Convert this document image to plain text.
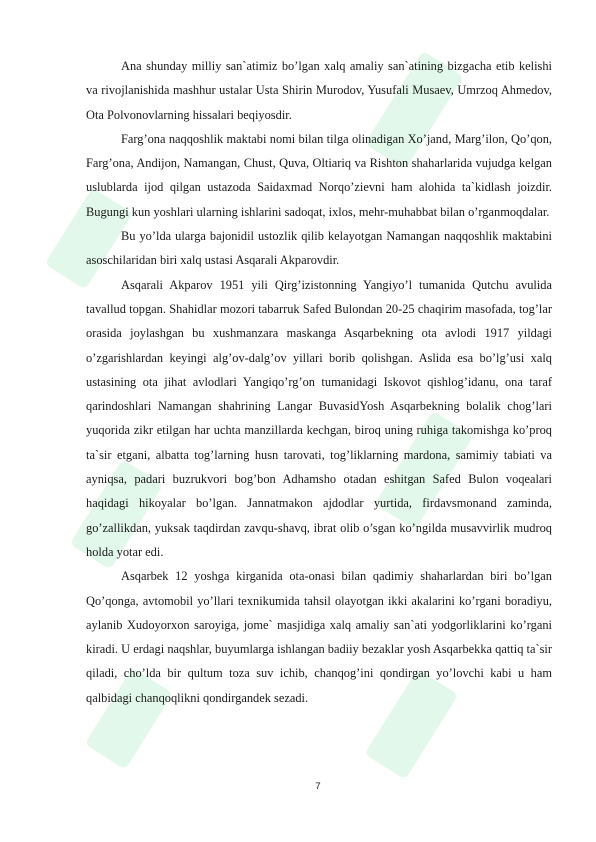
Ana shunday milliy san`atimiz bo’lgan xalq amaliy san`atining bizgacha etib kelishi va rivojlanishida mashhur ustalar Usta Shirin Murodov, Yusufali Musaev, Umrzoq Ahmedov, Ota Polvonovlarning hissalari beqiyosdir.

Farg’ona naqqoshlik maktabi nomi bilan tilga olinadigan Xo’jand, Marg’ilon, Qo’qon, Farg’ona, Andijon, Namangan, Chust, Quva, Oltiariq va Rishton shaharlarida vujudga kelgan uslublarda ijod qilgan ustazoda Saidaxmad Norqo’zievni ham alohida ta`kidlash joizdir. Bugungi kun yoshlari ularning ishlarini sadoqat, ixlos, mehr-muhabbat bilan o’rganmoqdalar.

Bu yo’lda ularga bajonidil ustozlik qilib kelayotgan Namangan naqqoshlik maktabini asoschilaridan biri xalq ustasi Asqarali Akparovdir.

Asqarali Akparov 1951 yili Qirg’izistonning Yangiyo’l tumanida Qutchu avulida tavallud topgan. Shahidlar mozori tabarruk Safed Bulondan 20-25 chaqirim masofada, tog’lar orasida joylashgan bu xushmanzara maskanga Asqarbekning ota avlodi 1917 yildagi o’zgarishlardan keyingi alg’ov-dalg’ov yillari borib qolishgan. Aslida esa bo’lg’usi xalq ustasining ota jihat avlodlari Yangiqo’rg’on tumanidagi Iskovot qishlog’idanu, ona taraf qarindoshlari Namangan shahrining Langar BuvasidYosh Asqarbekning bolalik chog’lari yuqorida zikr etilgan har uchta manzillarda kechgan, biroq uning ruhiga takomishga ko’proq ta`sir etgani, albatta tog’larning husn tarovati, tog’liklarning mardona, samimiy tabiati va ayniqsa, padari buzrukvori bog’bon Adhamsho otadan eshitgan Safed Bulon voqealari haqidagi hikoyalar bo’lgan. Jannatmakon ajdodlar yurtida, firdavsmonand zaminda, go’zallikdan, yuksak taqdirdan zavqu-shavq, ibrat olib o’sgan ko’ngilda musavvirlik mudroq holda yotar edi.

Asqarbek 12 yoshga kirganida ota-onasi bilan qadimiy shaharlardan biri bo’lgan Qo’qonga, avtomobil yo’llari texnikumida tahsil olayotgan ikki akalarini ko’rgani boradiyu, aylanib Xudoyorxon saroyiga, jome` masjidiga xalq amaliy san`ati yodgorliklarini ko’rgani kiradi. U erdagi naqshlar, buyumlarga ishlangan badiiy bezaklar yosh Asqarbekka qattiq ta`sir qiladi, cho’lda bir qultum toza suv ichib, chanqog’ini qondirgan yo’lovchi kabi u ham qalbidagi chanqoqlikni qondirgandek sezadi.

7
